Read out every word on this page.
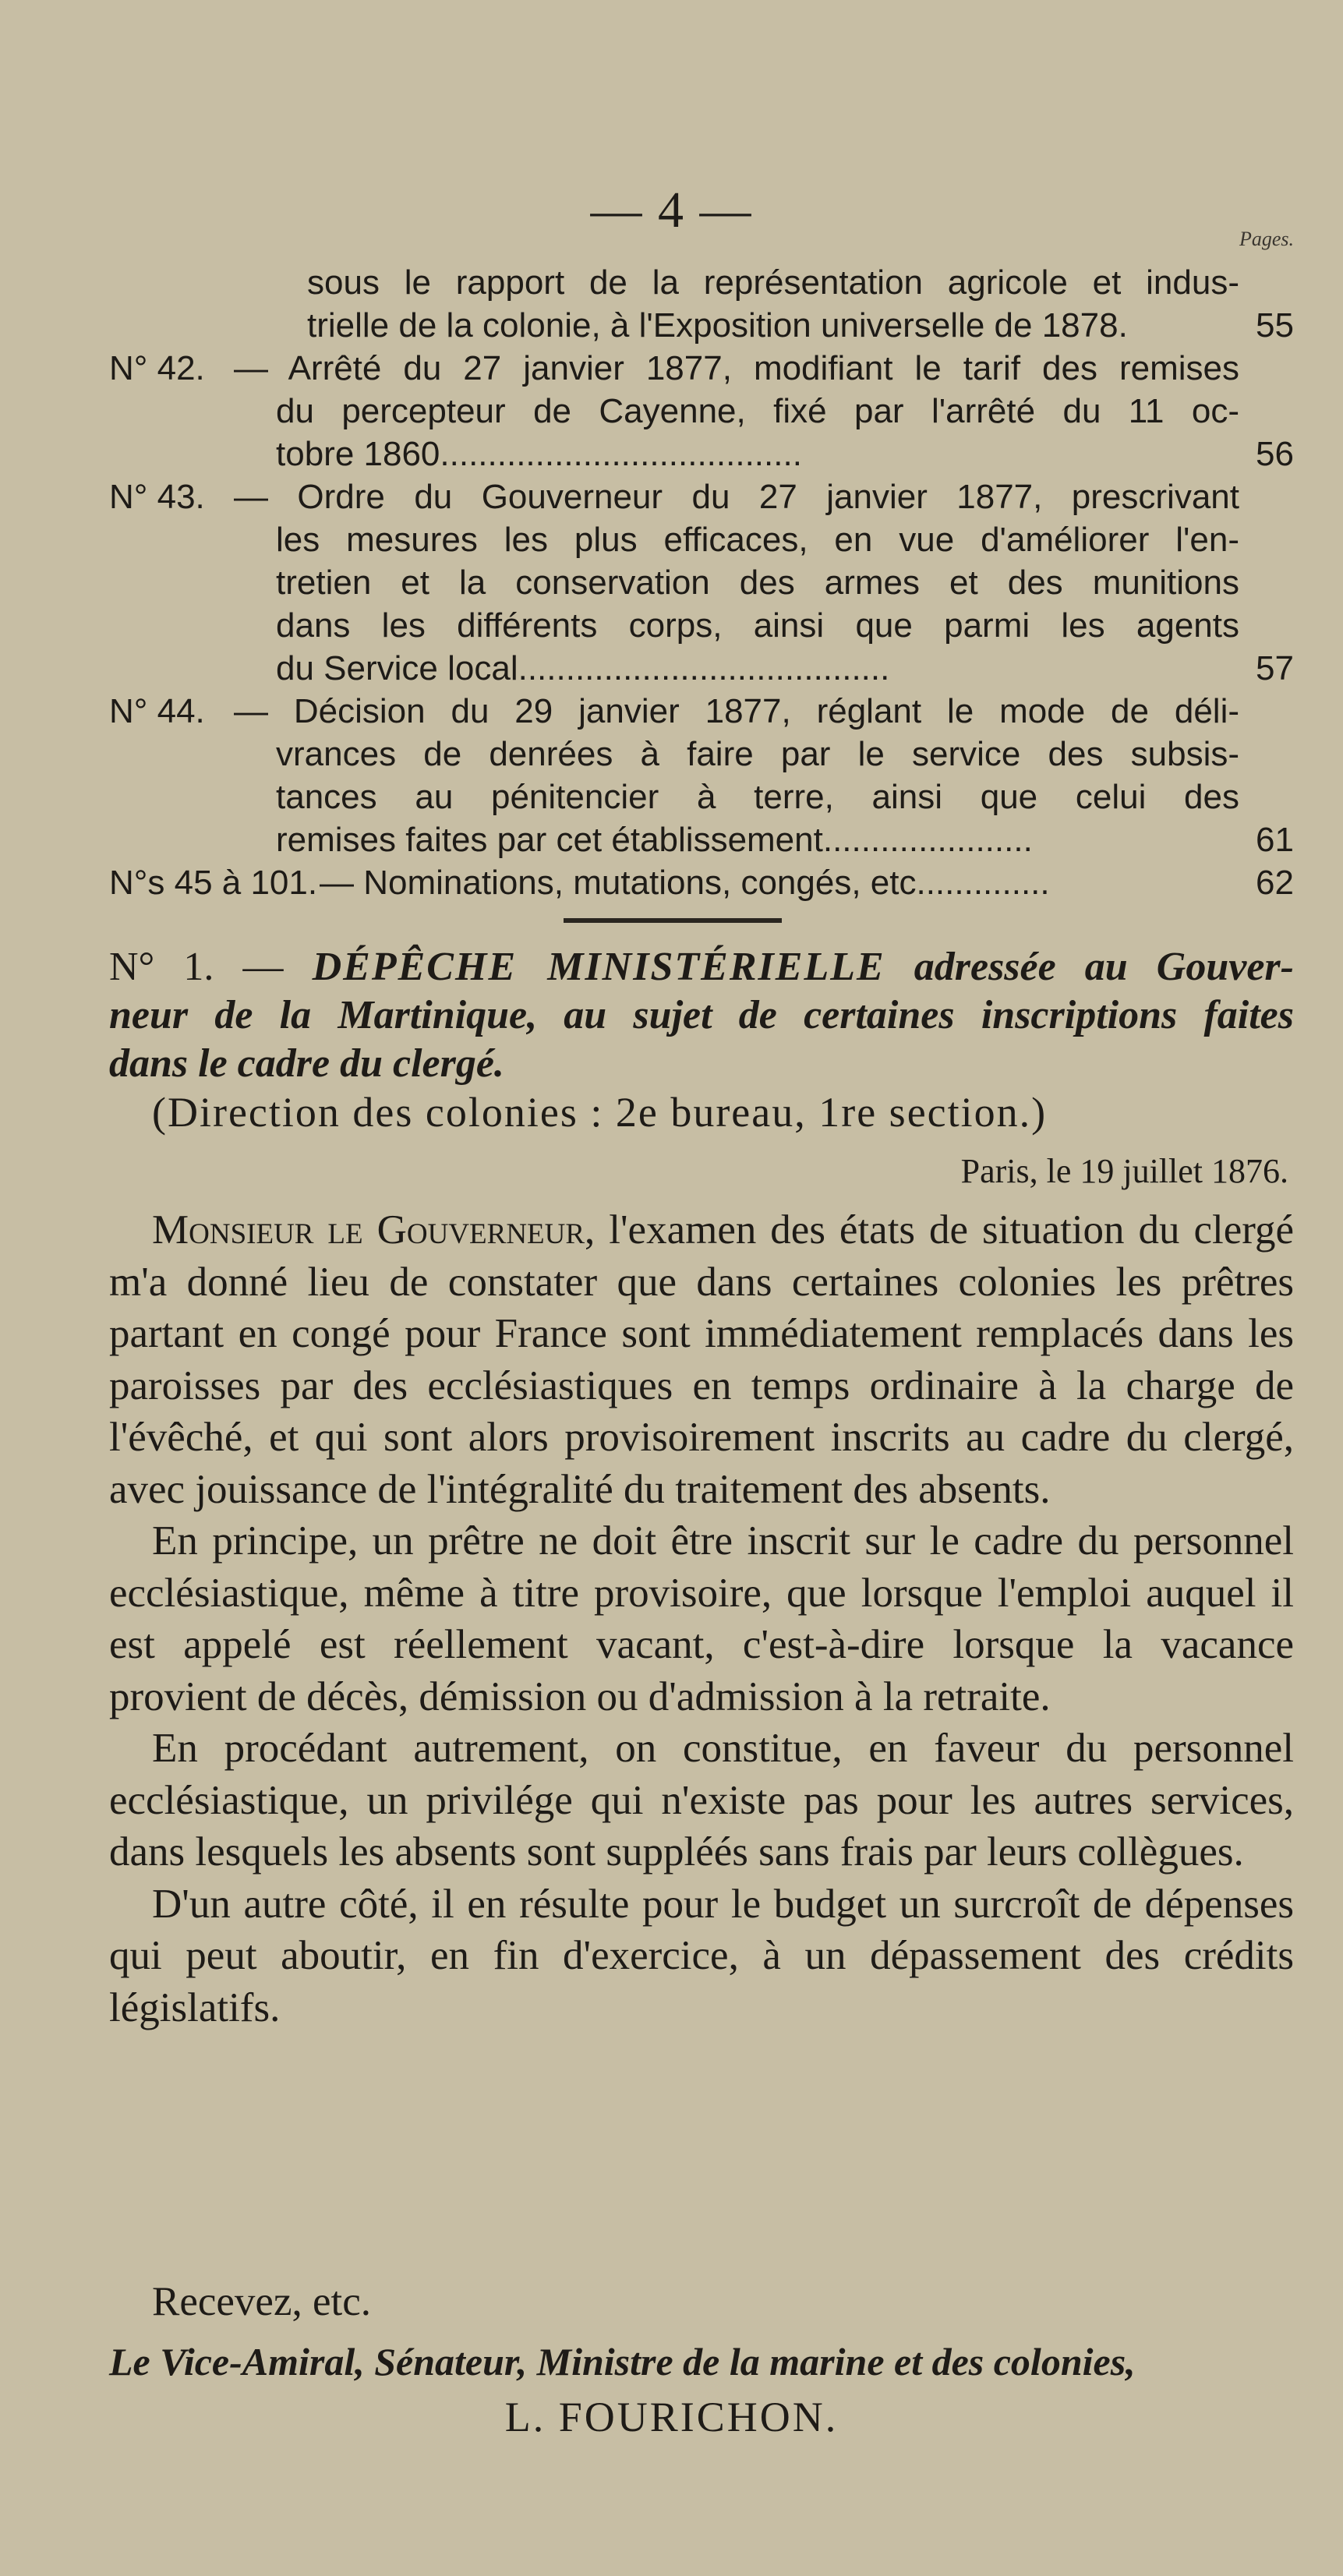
— 4 —
Pages.
sous le rapport de la représentation agricole et indus-
trielle de la colonie, à l'Exposition universelle de 1878.	55
N° 42. — Arrêté du 27 janvier 1877, modifiant le tarif des remises
du percepteur de Cayenne, fixé par l'arrêté du 11 oc-
tobre 1860......................................	56
N° 43. — Ordre du Gouverneur du 27 janvier 1877, prescrivant
les mesures les plus efficaces, en vue d'améliorer l'en-
tretien et la conservation des armes et des munitions
dans les différents corps, ainsi que parmi les agents
du Service local.......................................	57
N° 44. — Décision du 29 janvier 1877, réglant le mode de déli-
vrances de denrées à faire par le service des subsis-
tances au pénitencier à terre, ainsi que celui des
remises faites par cet établissement......................	61
N°s 45 à 101. — Nominations, mutations, congés, etc..............	62
N° 1. — DÉPÊCHE MINISTÉRIELLE adressée au Gouver-
neur de la Martinique, au sujet de certaines inscriptions faites
dans le cadre du clergé.
(Direction des colonies : 2e bureau, 1re section.)
Paris, le 19 juillet 1876.

Monsieur le Gouverneur, l'examen des états de situation du clergé m'a donné lieu de constater que dans certaines colonies les prêtres partant en congé pour France sont immédiatement remplacés dans les paroisses par des ecclésiastiques en temps ordinaire à la charge de l'évêché, et qui sont alors provisoirement inscrits au cadre du clergé, avec jouissance de l'intégralité du traitement des absents.

En principe, un prêtre ne doit être inscrit sur le cadre du personnel ecclésiastique, même à titre provisoire, que lorsque l'emploi auquel il est appelé est réellement vacant, c'est-à-dire lorsque la vacance provient de décès, démission ou d'admission à la retraite.

En procédant autrement, on constitue, en faveur du personnel ecclésiastique, un privilége qui n'existe pas pour les autres services, dans lesquels les absents sont suppléés sans frais par leurs collègues.

D'un autre côté, il en résulte pour le budget un surcroît de dépenses qui peut aboutir, en fin d'exercice, à un dépassement des crédits législatifs.

Recevez, etc.
Le Vice-Amiral, Sénateur, Ministre de la marine et des colonies,
L. FOURICHON.
